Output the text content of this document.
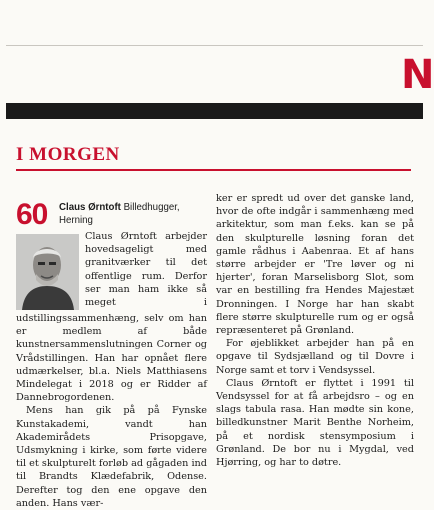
N
I MORGEN
60 Claus Ørntoft Billedhugger, Herning

Claus Ørntoft arbejder hovedsageligt med granitværker til det offentlige rum. Derfor ser man ham ikke så meget i udstillingssammenhæng, selv om han er medlem af både kunstnersammenslutningen Corner og Vrådstillingen. Han har opnået flere udmærkelser, bl.a. Niels Matthiasens Mindelegat i 2018 og er Ridder af Dannebrogordenen.

Mens han gik på på Fynske Kunstakademi, vandt han Akademirådets Prisopgave, Udsmykning i kirke, som førte videre til et skulpturelt forløb ad gågaden ind til Brandts Klædefabrik, Odense. Derefter tog den ene opgave den anden. Hans vær-

ker er spredt ud over det ganske land, hvor de ofte indgår i sammenhæng med arkitektur, som man f.eks. kan se på den skulpturelle løsning foran det gamle rådhus i Aabenraa. Et af hans større arbejder er 'Tre løver og ni hjerter', foran Marselisborg Slot, som var en bestilling fra Hendes Majestæt Dronningen. I Norge har han skabt flere større skulpturelle rum og er også repræsenteret på Grønland.

For øjeblikket arbejder han på en opgave til Sydsjælland og til Dovre i Norge samt et torv i Vendsyssel.

Claus Ørntoft er flyttet i 1991 til Vendsyssel for at få arbejdsro – og en slags tabula rasa. Han mødte sin kone, billedkunstner Marit Benthe Norheim, på et nordisk stensymposium i Grønland. De bor nu i Mygdal, ved Hjørring, og har to døtre.
